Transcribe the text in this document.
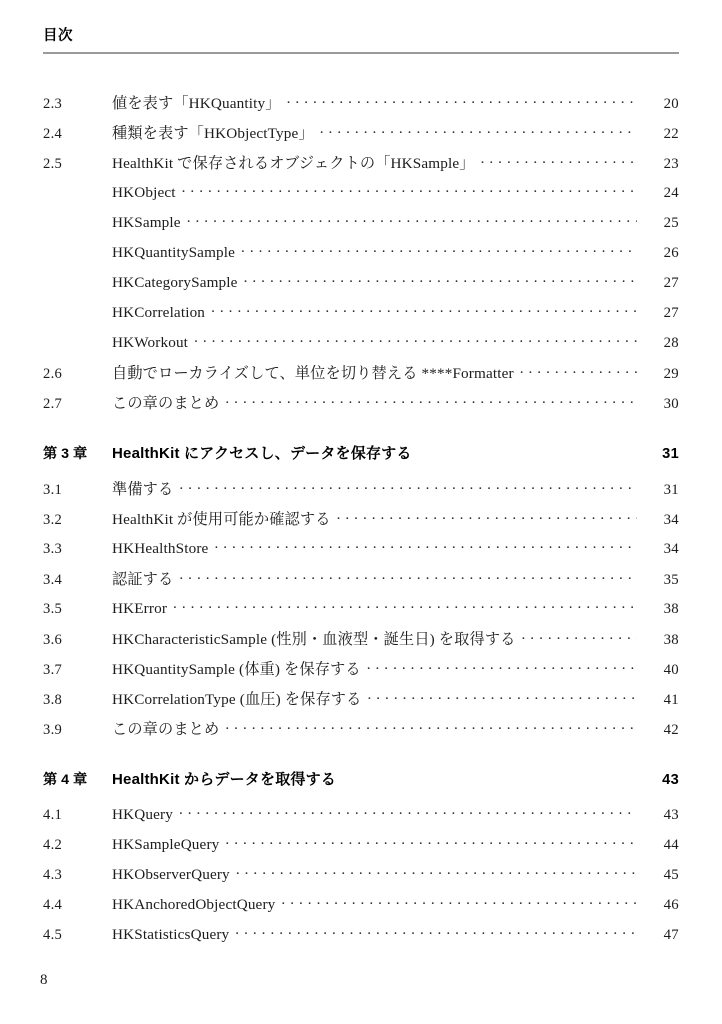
目次
2.3	値を表す「HKQuantity」 . . .	20
2.4	種類を表す「HKObjectType」 . . .	22
2.5	HealthKit で保存されるオブジェクトの「HKSample」 . . .	23
HKObject . . .	24
HKSample . . .	25
HKQuantitySample . . .	26
HKCategorySample . . .	27
HKCorrelation . . .	27
HKWorkout . . .	28
2.6	自動でローカライズして、単位を切り替える ****Formatter . . .	29
2.7	この章のまとめ . . .	30
第 3 章	HealthKit にアクセスし、データを保存する	31
3.1	準備する . . .	31
3.2	HealthKit が使用可能か確認する . . .	34
3.3	HKHealthStore . . .	34
3.4	認証する . . .	35
3.5	HKError . . .	38
3.6	HKCharacteristicSample (性別・血液型・誕生日) を取得する . . .	38
3.7	HKQuantitySample (体重) を保存する . . .	40
3.8	HKCorrelationType (血圧) を保存する . . .	41
3.9	この章のまとめ . . .	42
第 4 章	HealthKit からデータを取得する	43
4.1	HKQuery . . .	43
4.2	HKSampleQuery . . .	44
4.3	HKObserverQuery . . .	45
4.4	HKAnchoredObjectQuery . . .	46
4.5	HKStatisticsQuery . . .	47
8
